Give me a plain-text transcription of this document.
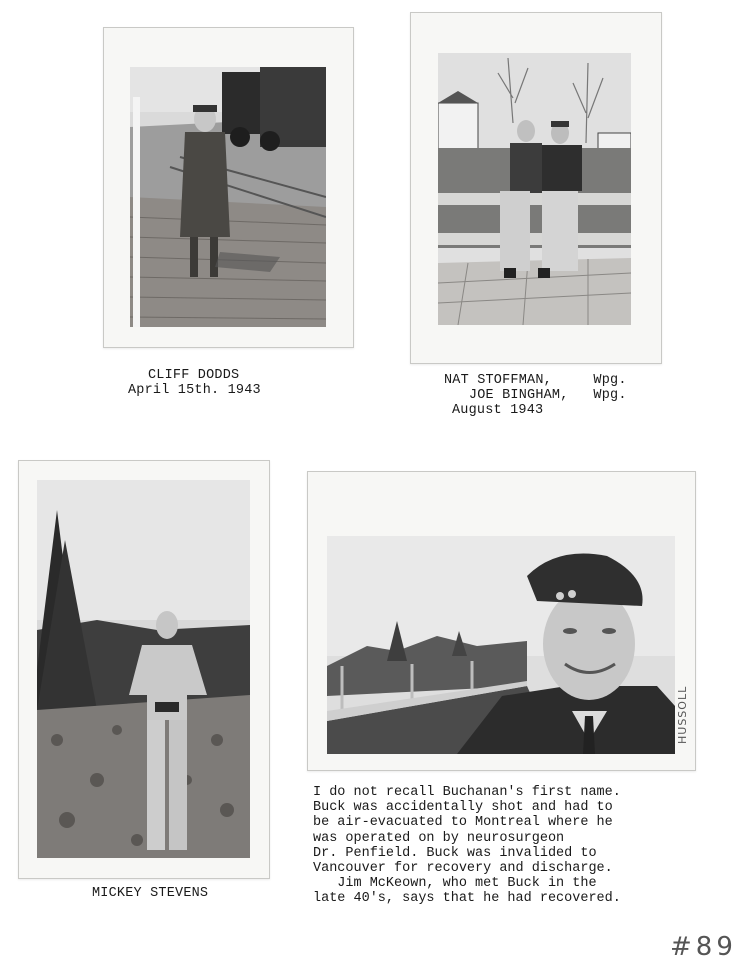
CLIFF DODDS
April 15th. 1943
NAT STOFFMAN,     Wpg.
JOE BINGHAM,   Wpg.
August 1943
MICKEY STEVENS
HUSSOLL
I do not recall Buchanan's first name.
Buck was accidentally shot and had to
be air-evacuated to Montreal where he
was operated on by neurosurgeon
Dr. Penfield. Buck was invalided to
Vancouver for recovery and discharge.
Jim McKeown, who met Buck in the
late 40's, says that he had recovered.
#89
